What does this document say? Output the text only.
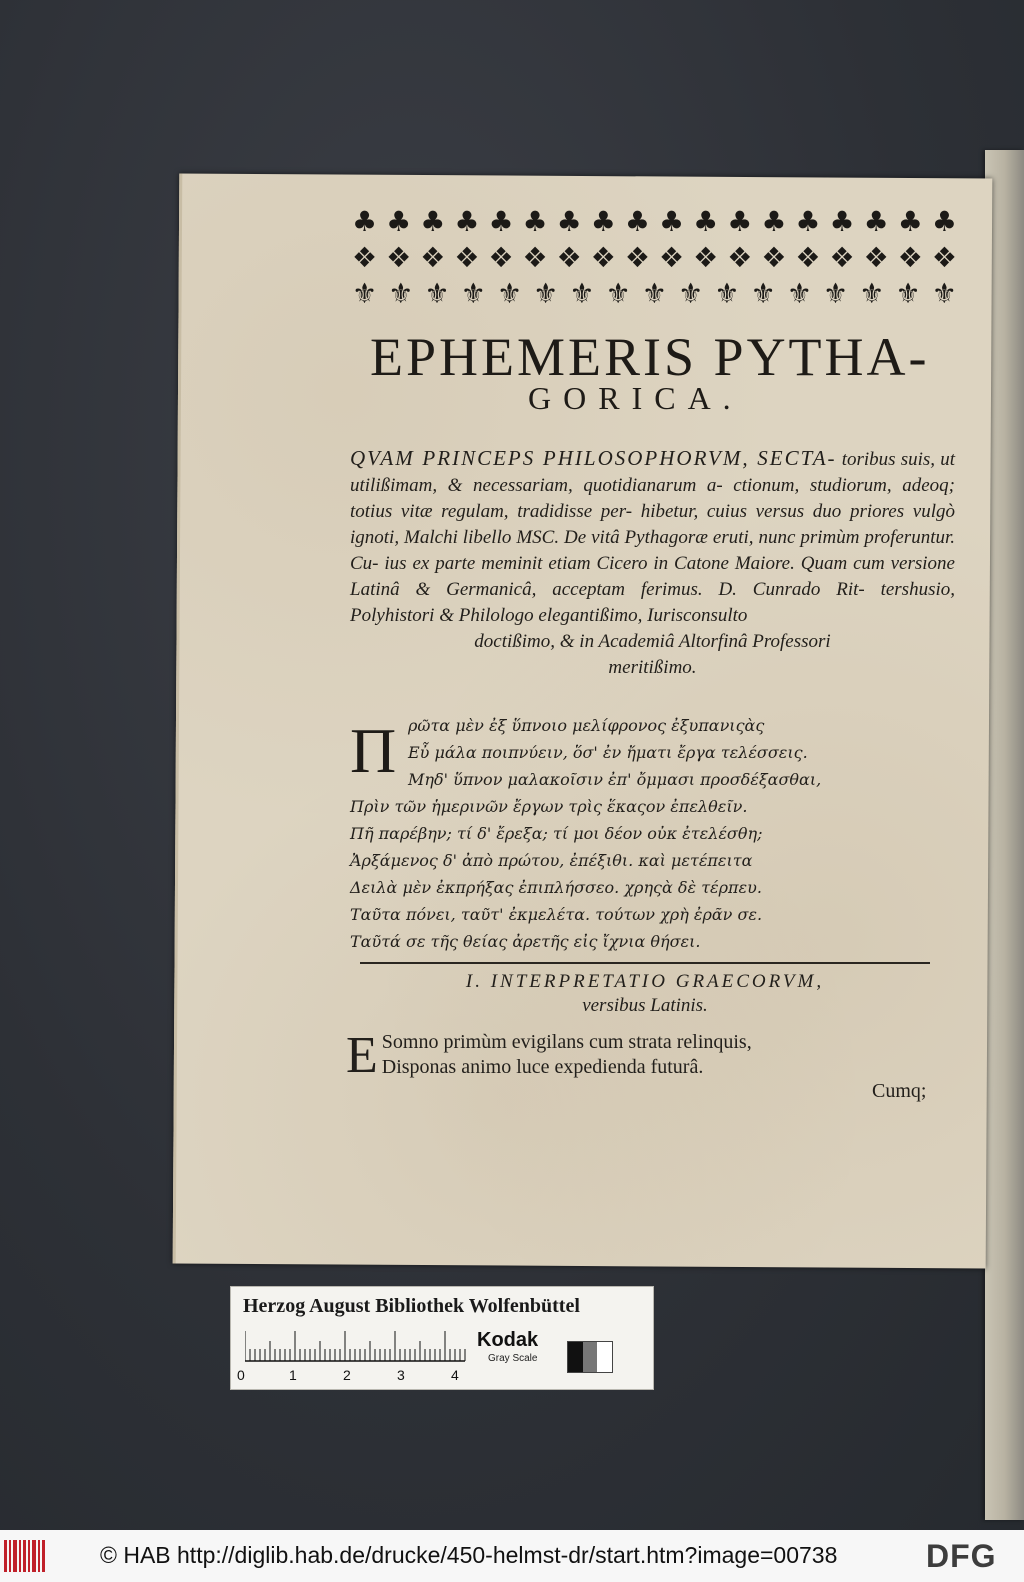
♣ ♣ ♣ ♣ ♣ ♣ ♣ ♣ ♣ ♣ ♣ ♣ ♣ ♣ ♣ ♣ ♣ ♣
❖ ❖ ❖ ❖ ❖ ❖ ❖ ❖ ❖ ❖ ❖ ❖ ❖ ❖ ❖ ❖ ❖ ❖
⚜ ⚜ ⚜ ⚜ ⚜ ⚜ ⚜ ⚜ ⚜ ⚜ ⚜ ⚜ ⚜ ⚜ ⚜ ⚜ ⚜
EPHEMERIS PYTHA-
GORICA.
QVAM PRINCEPS PHILOSOPHORVM, SECTA- toribus suis, ut utilißimam, & necessariam, quotidianarum a- ctionum, studiorum, adeoq; totius vitæ regulam, tradidisse per- hibetur, cuius versus duo priores vulgò ignoti, Malchi libello MSC. De vitâ Pythagoræ eruti, nunc primùm proferuntur. Cu- ius ex parte meminit etiam Cicero in Catone Maiore. Quam cum versione Latinâ & Germanicâ, acceptam ferimus. D. Cunrado Rit- tershusio, Polyhistori & Philologo elegantißimo, Iurisconsulto
doctißimo, & in Academiâ Altorfinâ Professori
meritißimo.
Π ρῶτα μὲν ἐξ ὕπνοιο μελίφρονος ἐξυπανιςὰς
Εὖ μάλα ποιπνύειν, ὅσ' ἐν ἤματι ἔργα τελέσσεις.
Μηδ' ὕπνον μαλακοῖσιν ἐπ' ὄμμασι προσδέξασθαι,
Πρὶν τῶν ἡμερινῶν ἔργων τρὶς ἕκαςον ἐπελθεῖν.
Πῆ παρέβην; τί δ' ἔρεξα; τί μοι δέον οὐκ ἐτελέσθη;
Ἀρξάμενος δ' ἀπὸ πρώτου, ἐπέξιθι. καὶ μετέπειτα
Δειλὰ μὲν ἐκπρήξας ἐπιπλήσσεο. χρηςὰ δὲ τέρπευ.
Ταῦτα πόνει, ταῦτ' ἐκμελέτα. τούτων χρὴ ἐρᾶν σε.
Ταῦτά σε τῆς θείας ἀρετῆς εἰς ἴχνια θήσει.
I. INTERPRETATIO GRAECORVM,
versibus Latinis.
E Somno primùm evigilans cum strata relinquis,
Disponas animo luce expedienda futurâ.
Cumq;
Herzog August Bibliothek Wolfenbüttel
0	1	2	3	4
Kodak
Gray Scale
© HAB http://diglib.hab.de/drucke/450-helmst-dr/start.htm?image=00738	DFG
